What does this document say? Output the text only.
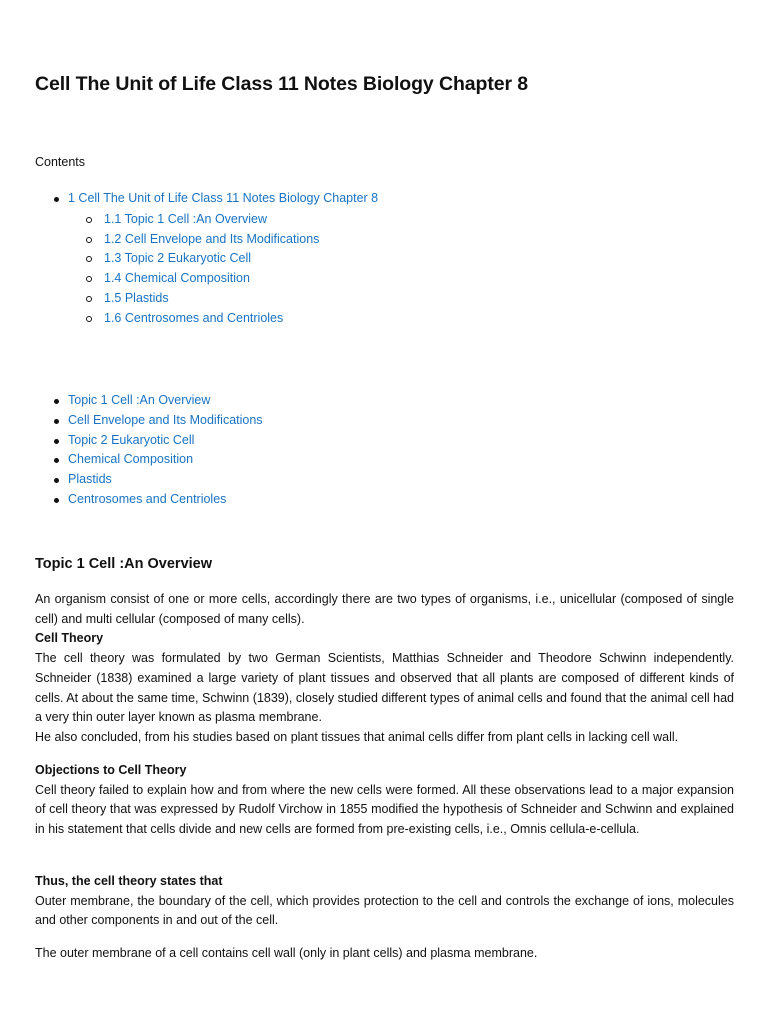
Cell The Unit of Life Class 11 Notes Biology Chapter 8
Contents
1 Cell The Unit of Life Class 11 Notes Biology Chapter 8
1.1 Topic 1 Cell :An Overview
1.2 Cell Envelope and Its Modifications
1.3 Topic 2 Eukaryotic Cell
1.4 Chemical Composition
1.5 Plastids
1.6 Centrosomes and Centrioles
Topic 1 Cell :An Overview
Cell Envelope and Its Modifications
Topic 2 Eukaryotic Cell
Chemical Composition
Plastids
Centrosomes and Centrioles
Topic 1 Cell :An Overview

An organism consist of one or more cells, accordingly there are two types of organisms, i.e., unicellular (composed of single cell) and multi cellular (composed of many cells).

Cell Theory

The cell theory was formulated by two German Scientists, Matthias Schneider and Theodore Schwinn independently. Schneider (1838) examined a large variety of plant tissues and observed that all plants are composed of different kinds of cells. At about the same time, Schwinn (1839), closely studied different types of animal cells and found that the animal cell had a very thin outer layer known as plasma membrane.

He also concluded, from his studies based on plant tissues that animal cells differ from plant cells in lacking cell wall.

Objections to Cell Theory

Cell theory failed to explain how and from where the new cells were formed. All these observations lead to a major expansion of cell theory that was expressed by Rudolf Virchow in 1855 modified the hypothesis of Schneider and Schwinn and explained in his statement that cells divide and new cells are formed from pre-existing cells, i.e., Omnis cellula-e-cellula.

Thus, the cell theory states that

Outer membrane, the boundary of the cell, which provides protection to the cell and controls the exchange of ions, molecules and other components in and out of the cell.

The outer membrane of a cell contains cell wall (only in plant cells) and plasma membrane.
